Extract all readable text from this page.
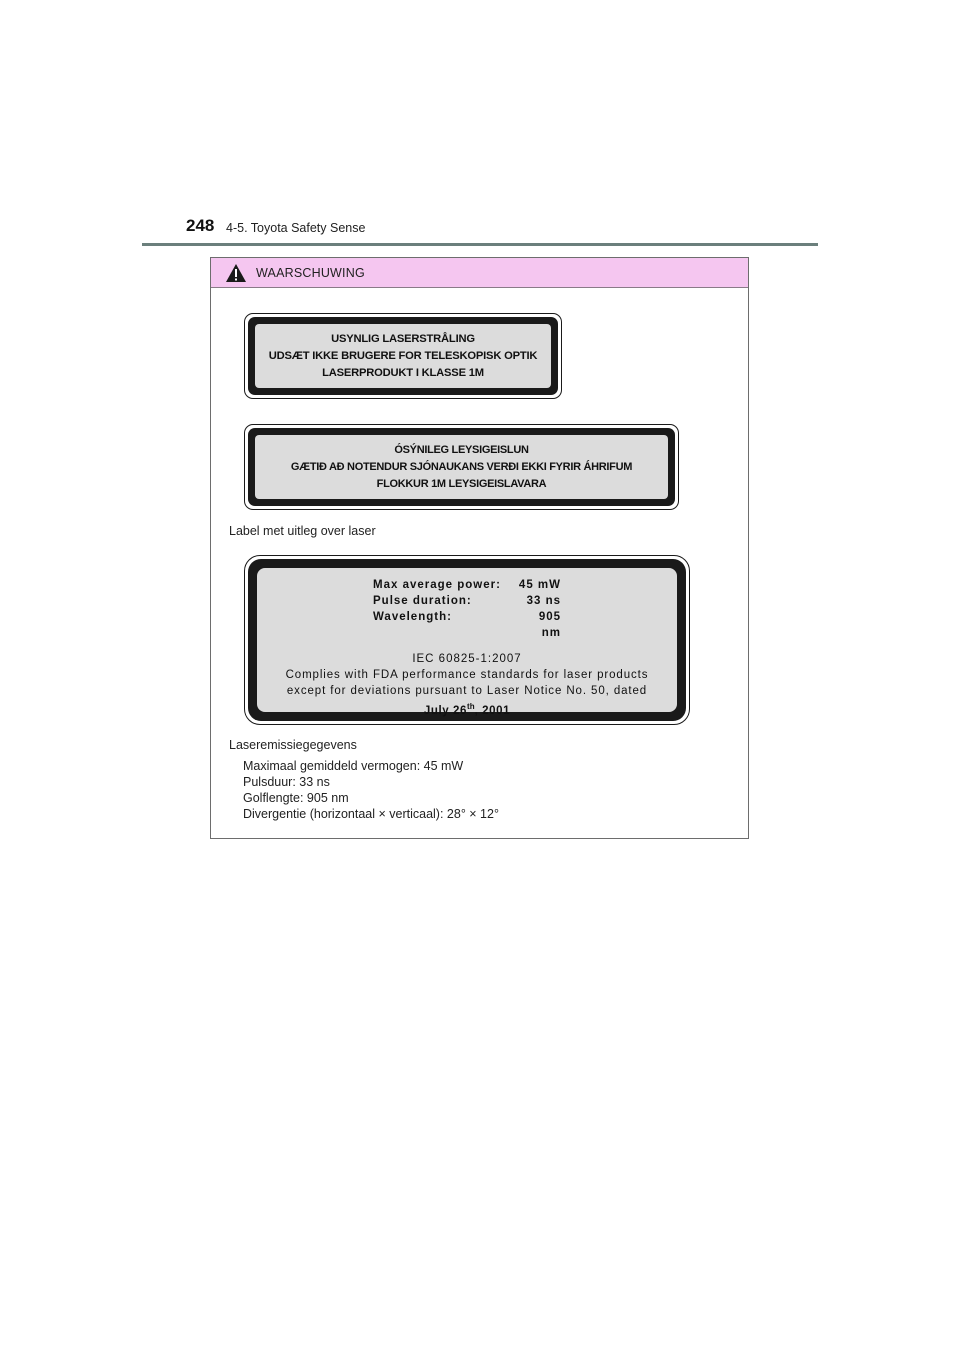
248 4-5. Toyota Safety Sense
WAARSCHUWING
USYNLIG LASERSTRÅLING
UDSÆT IKKE BRUGERE FOR TELESKOPISK OPTIK
LASERPRODUKT I KLASSE 1M
ÓSÝNILEG LEYSIGEISLUN
GÆTIÐ AÐ NOTENDUR SJÓNAUKANS VERÐI EKKI FYRIR ÁHRIFUM
FLOKKUR 1M LEYSIGEISLAVARA
Label met uitleg over laser
Max average power:	45 mW
Pulse duration:	33 ns
Wavelength:	905 nm
IEC 60825-1:2007
Complies with FDA performance standards for laser products
except for deviations pursuant to Laser Notice No. 50, dated
July 26th, 2001
Laseremissiegegevens
Maximaal gemiddeld vermogen: 45 mW
Pulsduur: 33 ns
Golflengte: 905 nm
Divergentie (horizontaal × verticaal): 28° × 12°
